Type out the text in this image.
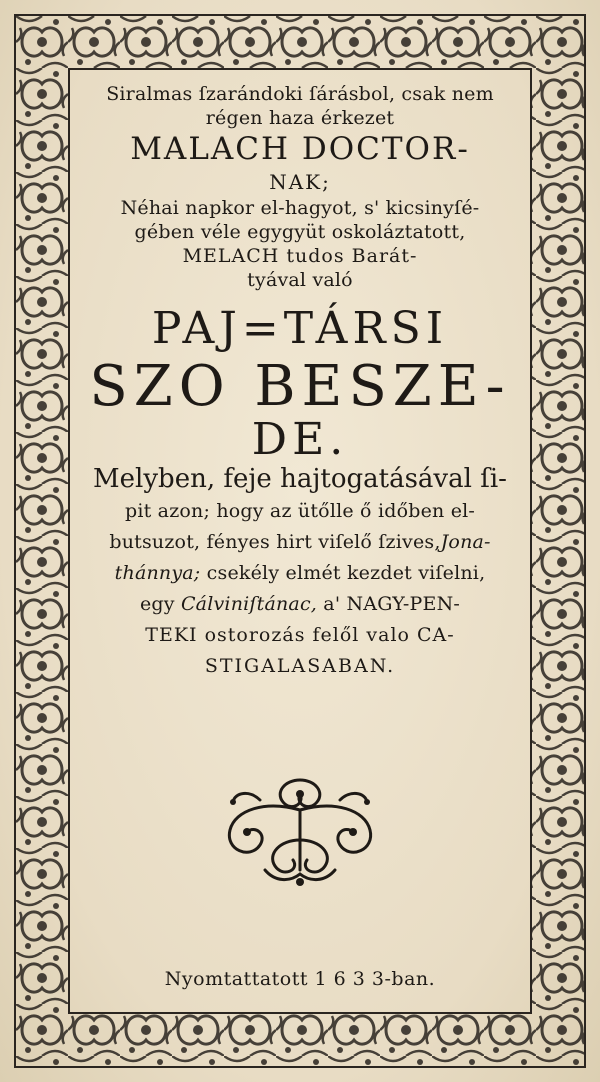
Siralmas ſzarándoki ſárásbol, csak nem
régen haza érkezet
MALACH DOCTOR-
NAK;
Néhai napkor el-hagyot, s' kicsinyſé-
gében véle egygyüt oskoláztatott,
MELACH tudos Barát-
tyával való
PAJ=TÁRSI
SZO BESZE-
DE.
Melyben, feje hajtogatásával ſi-
pit azon; hogy az ütőlle ő időben el-
butsuzot, fényes hirt viſelő ſzives,Jona-
thánnya; csekély elmét kezdet viſelni,
egy Cálviniſtánac, a' NAGY-PEN-
TEKI ostorozás felől valo CA-
STIGALASABAN.
Nyomtattatott 1 6 3 3-ban.
